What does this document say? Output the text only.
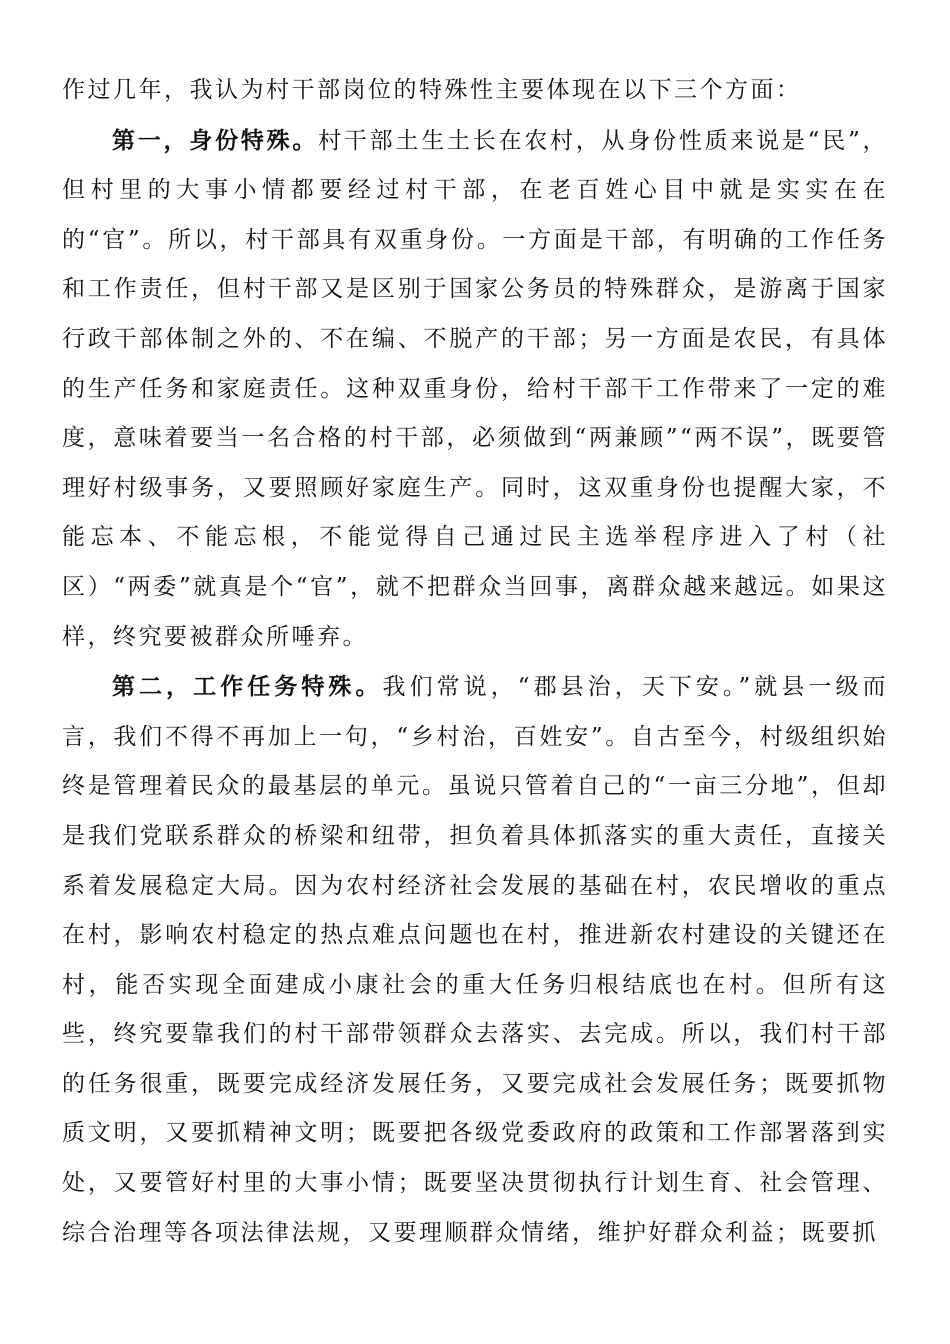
作过几年，我认为村干部岗位的特殊性主要体现在以下三个方面：

第一，身份特殊。村干部土生土长在农村，从身份性质来说是“民”，但村里的大事小情都要经过村干部，在老百姓心目中就是实实在在的“官”。所以，村干部具有双重身份。一方面是干部，有明确的工作任务和工作责任，但村干部又是区别于国家公务员的特殊群众，是游离于国家行政干部体制之外的、不在编、不脱产的干部；另一方面是农民，有具体的生产任务和家庭责任。这种双重身份，给村干部干工作带来了一定的难度，意味着要当一名合格的村干部，必须做到“两兼顾”“两不误”，既要管理好村级事务，又要照顾好家庭生产。同时，这双重身份也提醒大家，不能忘本、不能忘根，不能觉得自己通过民主选举程序进入了村（社区）“两委”就真是个“官”，就不把群众当回事，离群众越来越远。如果这样，终究要被群众所唾弃。

第二，工作任务特殊。我们常说，“郡县治，天下安。”就县一级而言，我们不得不再加上一句，“乡村治，百姓安”。自古至今，村级组织始终是管理着民众的最基层的单元。虽说只管着自己的“一亩三分地”，但却是我们党联系群众的桥梁和纽带，担负着具体抓落实的重大责任，直接关系着发展稳定大局。因为农村经济社会发展的基础在村，农民增收的重点在村，影响农村稳定的热点难点问题也在村，推进新农村建设的关键还在村，能否实现全面建成小康社会的重大任务归根结底也在村。但所有这些，终究要靠我们的村干部带领群众去落实、去完成。所以，我们村干部的任务很重，既要完成经济发展任务，又要完成社会发展任务；既要抓物质文明，又要抓精神文明；既要把各级党委政府的政策和工作部署落到实处，又要管好村里的大事小情；既要坚决贯彻执行计划生育、社会管理、综合治理等各项法律法规，又要理顺群众情绪，维护好群众利益；既要抓
